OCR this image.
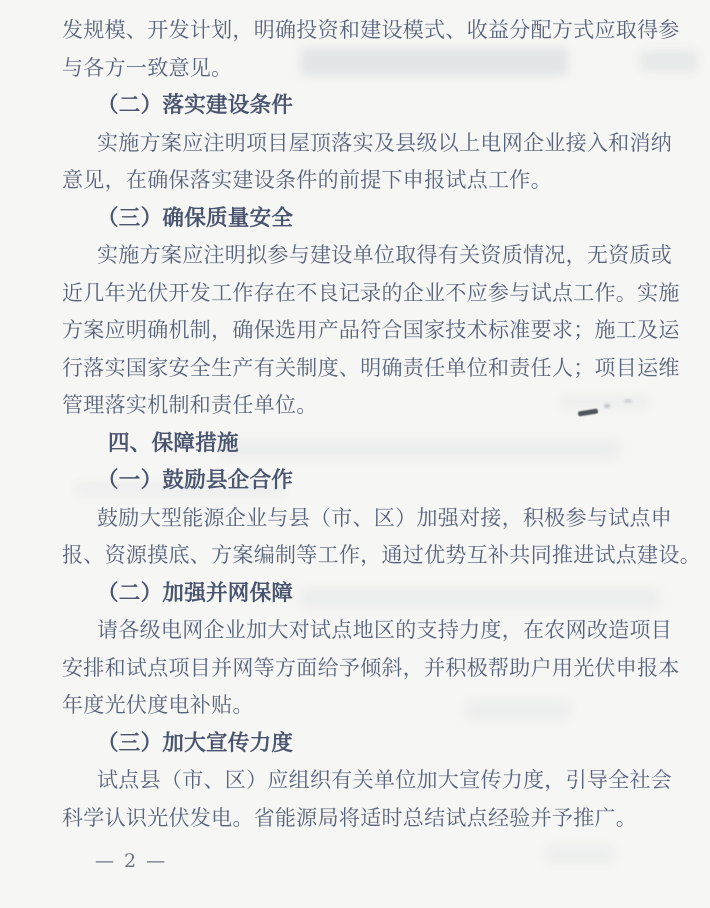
发规模、开发计划，明确投资和建设模式、收益分配方式应取得参
与各方一致意见。
（二）落实建设条件
实施方案应注明项目屋顶落实及县级以上电网企业接入和消纳
意见，在确保落实建设条件的前提下申报试点工作。
（三）确保质量安全
实施方案应注明拟参与建设单位取得有关资质情况，无资质或
近几年光伏开发工作存在不良记录的企业不应参与试点工作。实施
方案应明确机制，确保选用产品符合国家技术标准要求；施工及运
行落实国家安全生产有关制度、明确责任单位和责任人；项目运维
管理落实机制和责任单位。
四、保障措施
（一）鼓励县企合作
鼓励大型能源企业与县（市、区）加强对接，积极参与试点申
报、资源摸底、方案编制等工作，通过优势互补共同推进试点建设。
（二）加强并网保障
请各级电网企业加大对试点地区的支持力度，在农网改造项目
安排和试点项目并网等方面给予倾斜，并积极帮助户用光伏申报本
年度光伏度电补贴。
（三）加大宣传力度
试点县（市、区）应组织有关单位加大宣传力度，引导全社会
科学认识光伏发电。省能源局将适时总结试点经验并予推广。
— 2 —
